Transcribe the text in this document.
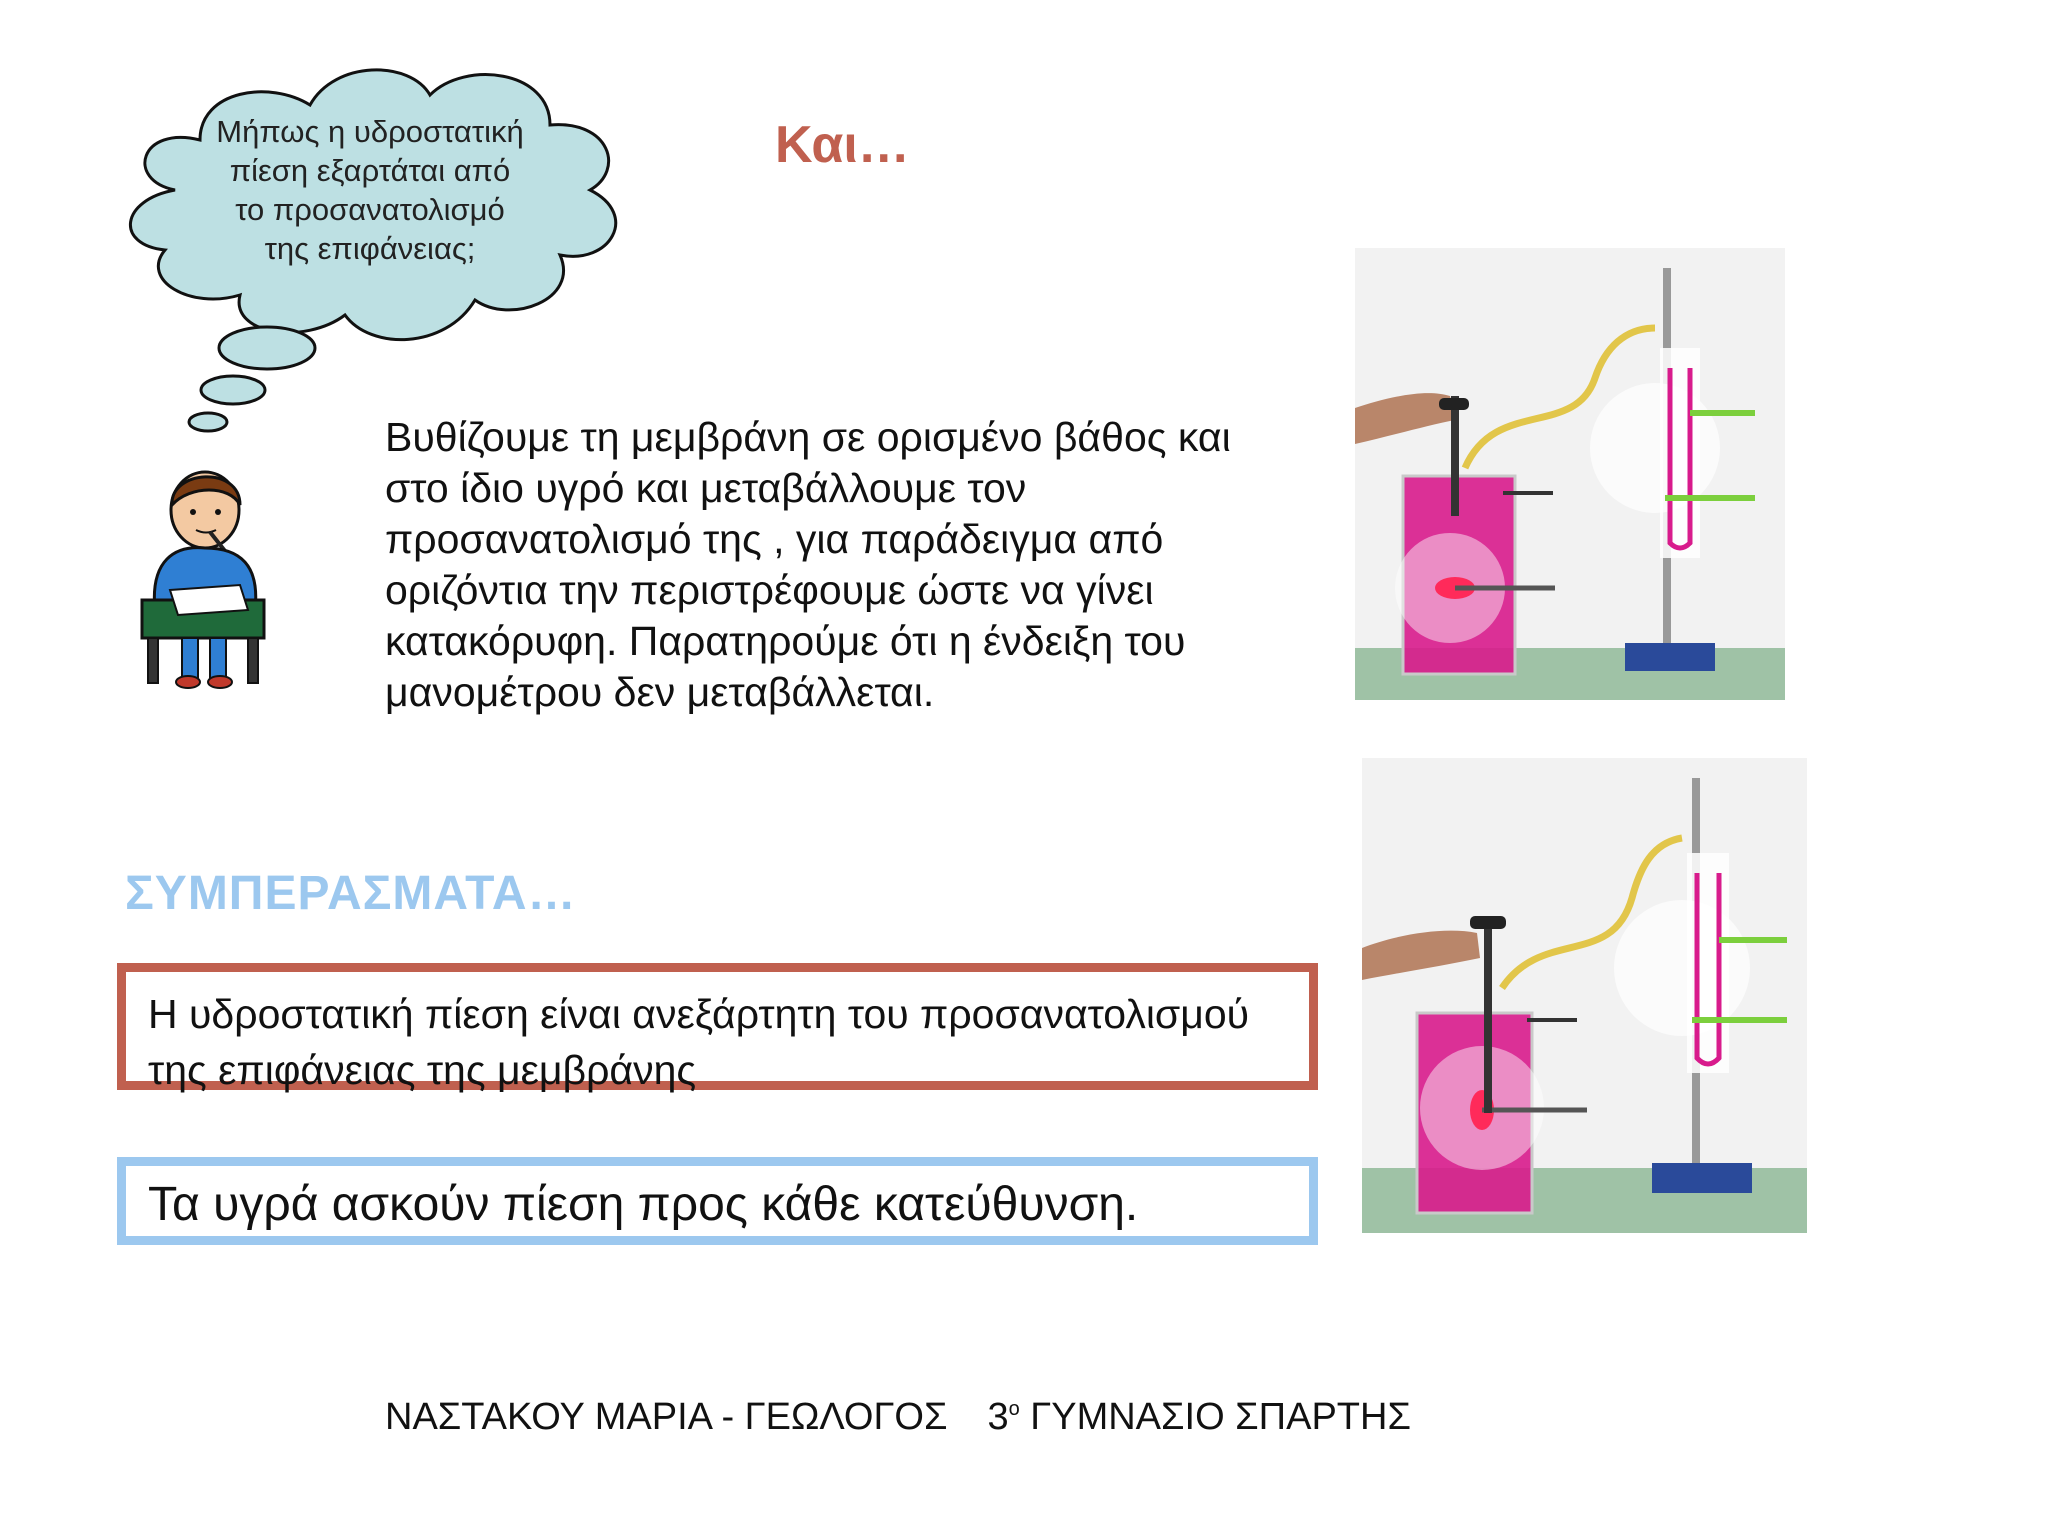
Μήπως η υδροστατική
πίεση εξαρτάται από
το προσανατολισμό
της επιφάνειας;
Και…
Βυθίζουμε τη μεμβράνη σε ορισμένο βάθος και στο ίδιο υγρό και μεταβάλλουμε τον προσανατολισμό της , για παράδειγμα από οριζόντια την περιστρέφουμε ώστε να γίνει κατακόρυφη. Παρατηρούμε ότι η ένδειξη του μανομέτρου δεν μεταβάλλεται.
ΣΥΜΠΕΡΑΣΜΑΤΑ…
Η υδροστατική πίεση είναι ανεξάρτητη του προσανατολισμού της επιφάνειας της μεμβράνης
Τα υγρά ασκούν πίεση προς κάθε κατεύθυνση.
ΝΑΣΤΑΚΟΥ ΜΑΡΙΑ - ΓΕΩΛΟΓΟΣ $3^o$ ΓΥΜΝΑΣΙΟ ΣΠΑΡΤΗΣ
